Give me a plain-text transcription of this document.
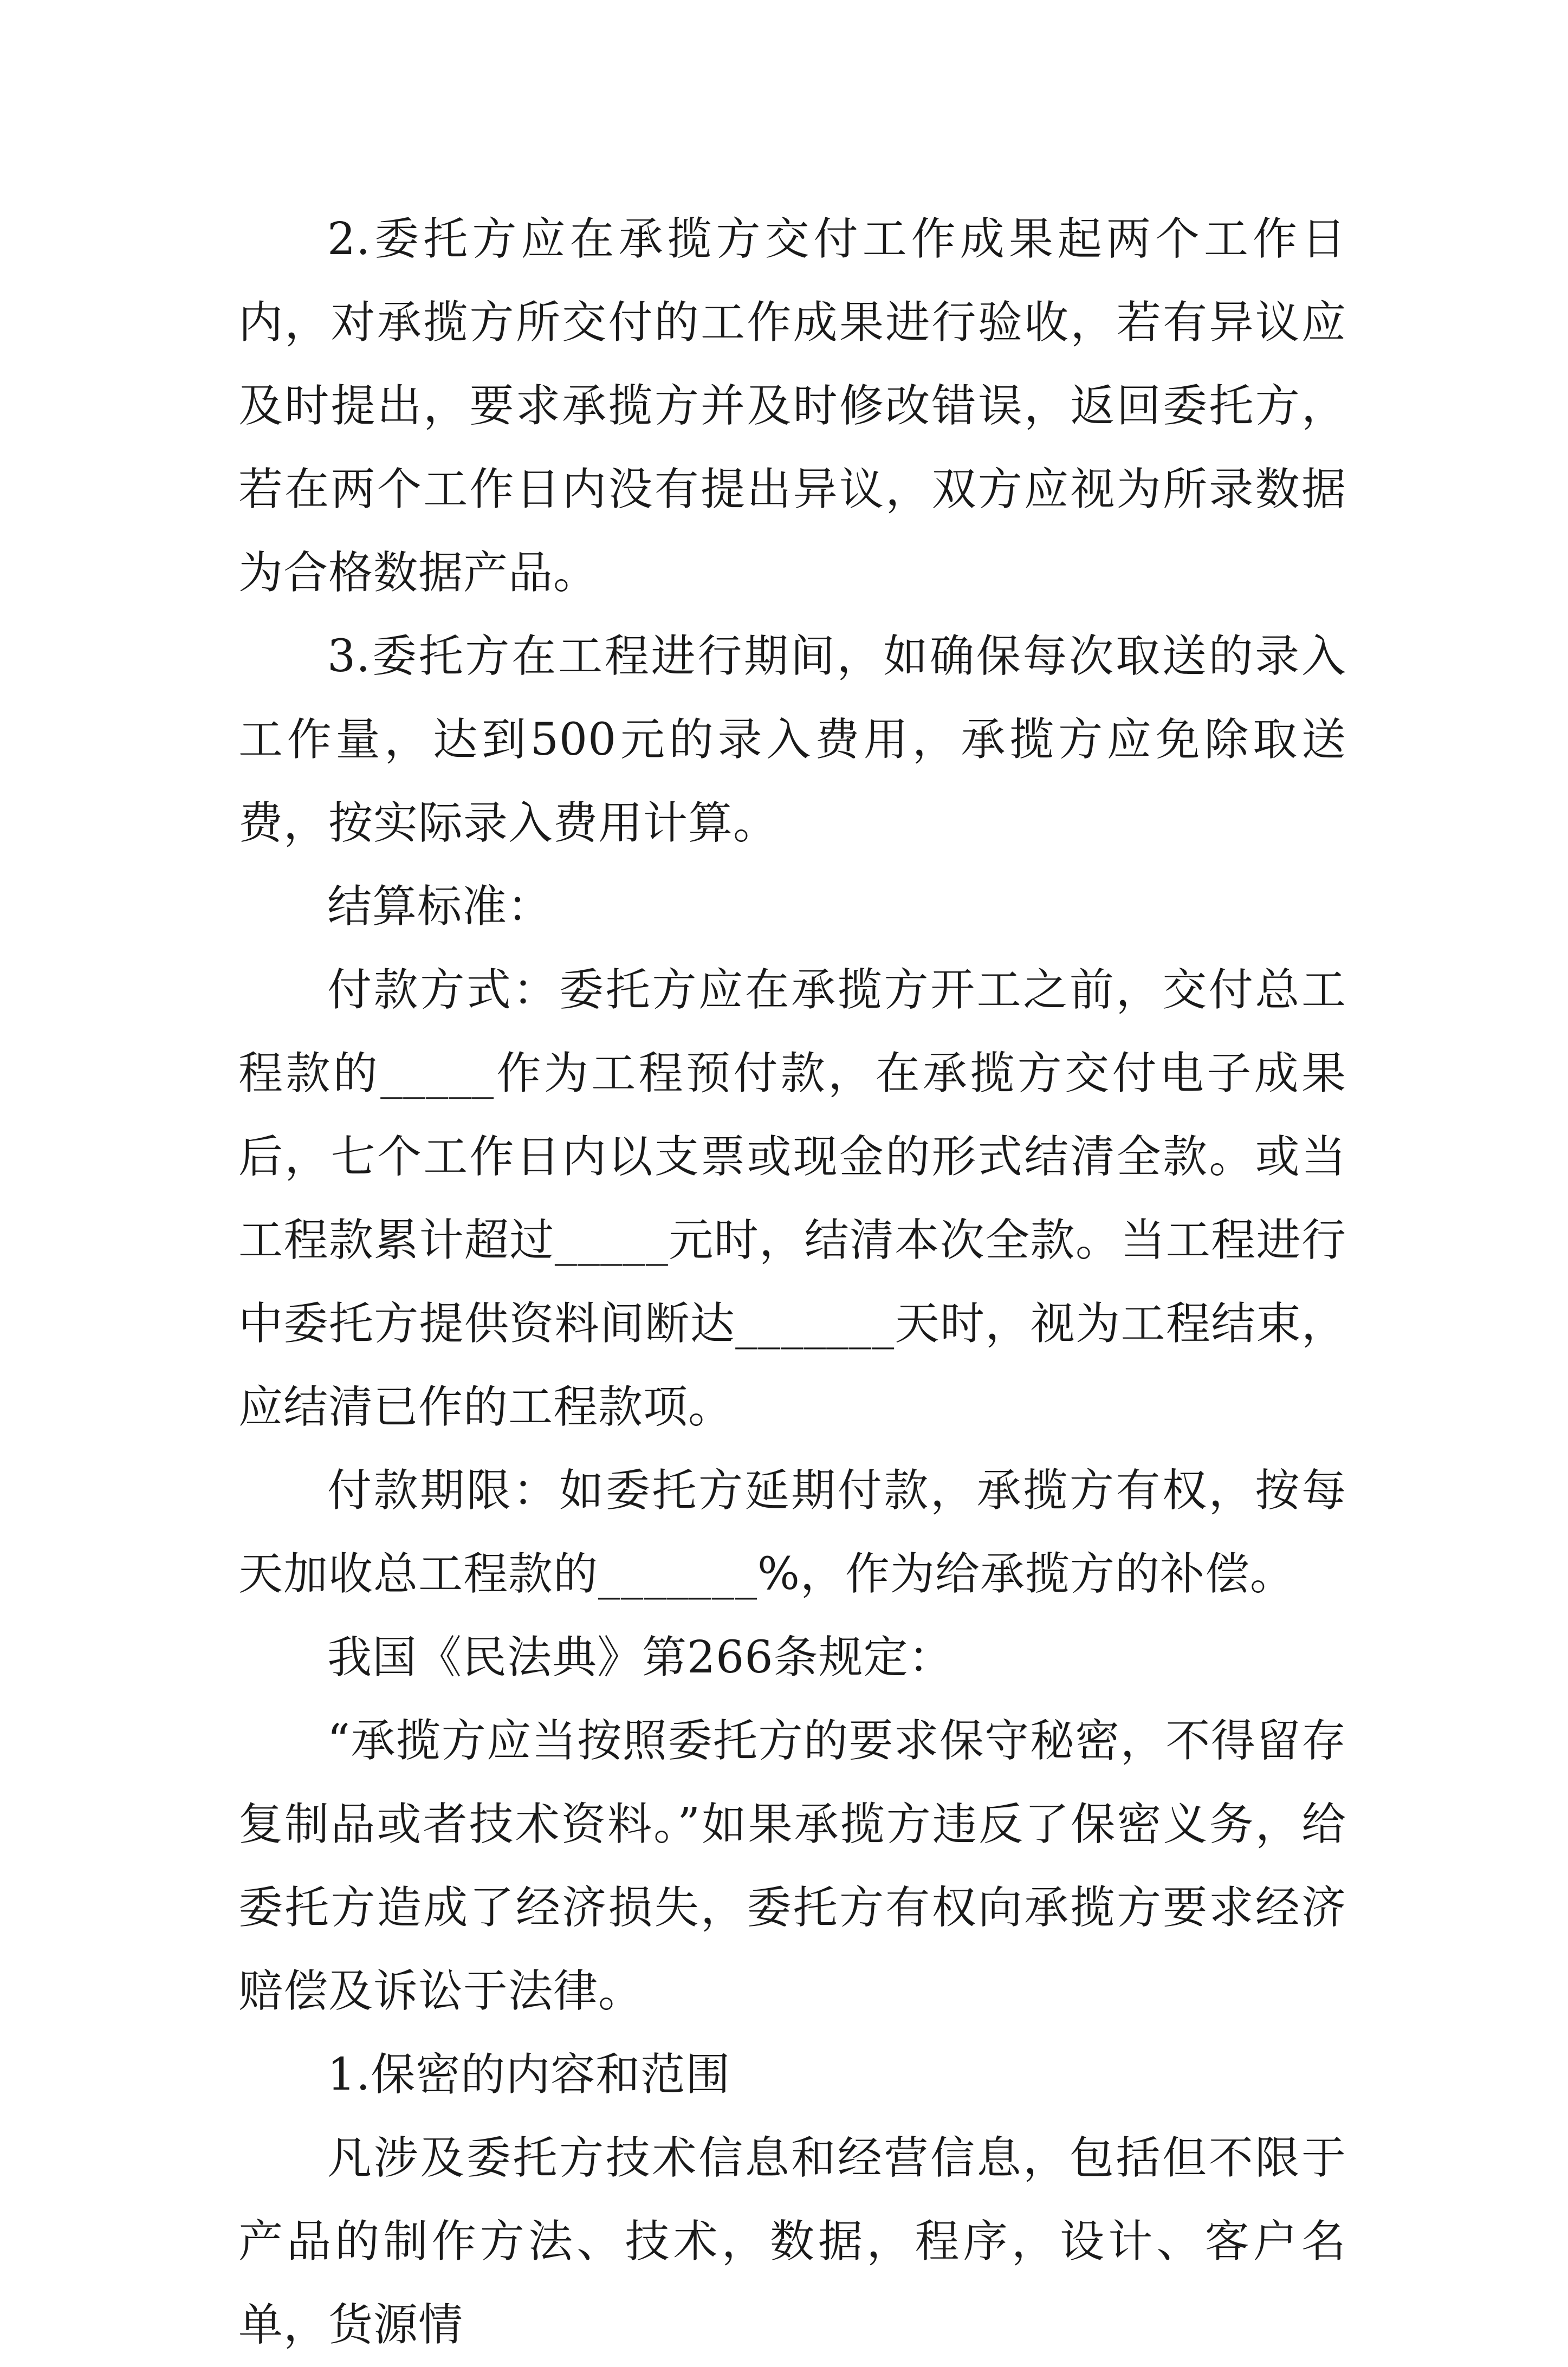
2.委托方应在承揽方交付工作成果起两个工作日内，对承揽方所交付的工作成果进行验收，若有异议应及时提出，要求承揽方并及时修改错误，返回委托方，若在两个工作日内没有提出异议，双方应视为所录数据为合格数据产品。

3.委托方在工程进行期间，如确保每次取送的录入工作量，达到500元的录入费用，承揽方应免除取送费，按实际录入费用计算。

结算标准：

付款方式：委托方应在承揽方开工之前，交付总工程款的_____作为工程预付款，在承揽方交付电子成果后，七个工作日内以支票或现金的形式结清全款。或当工程款累计超过_____元时，结清本次全款。当工程进行中委托方提供资料间断达_______天时，视为工程结束，应结清已作的工程款项。

付款期限：如委托方延期付款，承揽方有权，按每天加收总工程款的_______%，作为给承揽方的补偿。

我国《民法典》第266条规定：

“承揽方应当按照委托方的要求保守秘密，不得留存复制品或者技术资料。”如果承揽方违反了保密义务，给委托方造成了经济损失，委托方有权向承揽方要求经济赔偿及诉讼于法律。

1.保密的内容和范围

凡涉及委托方技术信息和经营信息，包括但不限于产品的制作方法、技术，数据，程序，设计、客户名单，货源情
